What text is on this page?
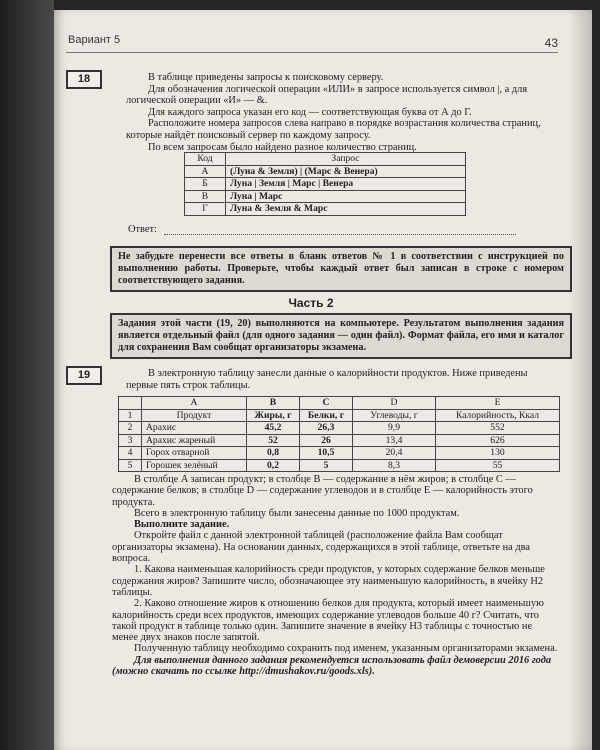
Вариант 5	43
18	В таблице приведены запросы к поисковому серверу.

Для обозначения логической операции «ИЛИ» в запросе используется символ |, а для логической операции «И» — &.

Для каждого запроса указан его код — соответствующая буква от А до Г.

Расположите номера запросов слева направо в порядке возрастания количества страниц, которые найдёт поисковый сервер по каждому запросу.

По всем запросам было найдено разное количество страниц.

Код	Запрос
А	(Луна & Земля) | (Марс & Венера)
Б	Луна | Земля | Марс | Венера
В	Луна | Марс
Г	Луна & Земля & Марс
Ответ:
Не забудьте перенести все ответы в бланк ответов № 1 в соответствии с инструкцией по выполнению работы. Проверьте, чтобы каждый ответ был записан в строке с номером соответствующего задания.
Часть 2
Задания этой части (19, 20) выполняются на компьютере. Результатом выполнения задания является отдельный файл (для одного задания — один файл). Формат файла, его имя и каталог для сохранения Вам сообщат организаторы экзамена.
19	В электронную таблицу занесли данные о калорийности продуктов. Ниже приведены первые пять строк таблицы.
	A	B	C	D	E
1	Продукт	Жиры, г	Белки, г	Углеводы, г	Калорийность, Ккал
2	Арахис	45,2	26,3	9,9	552
3	Арахис жареный	52	26	13,4	626
4	Горох отварной	0,8	10,5	20,4	130
5	Горошек зелёный	0,2	5	8,3	55

В столбце A записан продукт; в столбце B — содержание в нём жиров; в столбце C — содержание белков; в столбце D — содержание углеводов и в столбце E — калорийность этого продукта.

Всего в электронную таблицу были занесены данные по 1000 продуктам.

Выполните задание.

Откройте файл с данной электронной таблицей (расположение файла Вам сообщат организаторы экзамена). На основании данных, содержащихся в этой таблице, ответьте на два вопроса.

1. Какова наименьшая калорийность среди продуктов, у которых содержание белков меньше содержания жиров? Запишите число, обозначающее эту наименьшую калорийность, в ячейку H2 таблицы.

2. Каково отношение жиров к отношению белков для продукта, который имеет наименьшую калорийность среди всех продуктов, имеющих содержание углеводов больше 40 г? Считать, что такой продукт в таблице только один. Запишите значение в ячейку H3 таблицы с точностью не менее двух знаков после запятой.

Полученную таблицу необходимо сохранить под именем, указанным организаторами экзамена.

Для выполнения данного задания рекомендуется использовать файл демоверсии 2016 года (можно скачать по ссылке http://dmushakov.ru/goods.xls).
